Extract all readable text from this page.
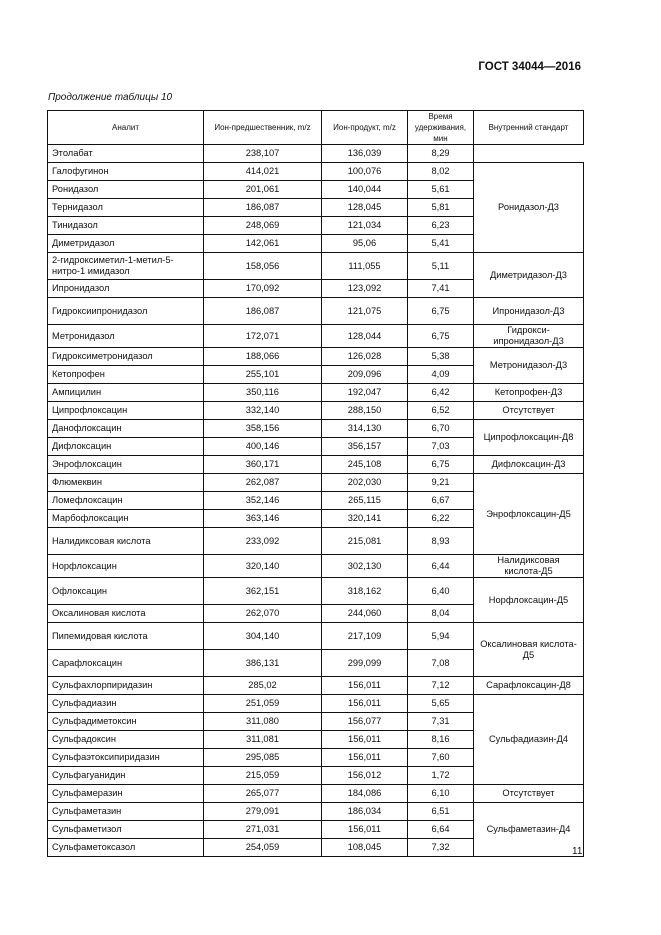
ГОСТ 34044—2016
Продолжение таблицы 10
Аналит	Ион-предшественник, m/z	Ион-продукт, m/z	Время удерживания, мин	Внутренний стандарт
Этолабат	238,107	136,039	8,29	
Галофугинон	414,021	100,076	8,02	Ронидазол-Д3
Ронидазол	201,061	140,044	5,61	
Тернидазол	186,087	128,045	5,81	
Тинидазол	248,069	121,034	6,23	
Диметридазол	142,061	95,06	5,41	
2-гидроксиметил-1-метил-5-нитро-1 имидазол	158,056	111,055	5,11	Диметридазол-Д3
Ипронидазол	170,092	123,092	7,41	
Гидроксиипронидазол	186,087	121,075	6,75	Ипронидазол-Д3
Метронидазол	172,071	128,044	6,75	Гидрокси-ипронидазол-Д3
Гидроксиметронидазол	188,066	126,028	5,38	Метронидазол-Д3
Кетопрофен	255,101	209,096	4,09	
Ампицилин	350,116	192,047	6,42	Кетопрофен-Д3
Ципрофлоксацин	332,140	288,150	6,52	Отсутствует
Данофлоксацин	358,156	314,130	6,70	Ципрофлоксацин-Д8
Дифлоксацин	400,146	356,157	7,03	
Энрофлоксацин	360,171	245,108	6,75	Дифлоксацин-Д3
Флюмеквин	262,087	202,030	9,21	Энрофлоксацин-Д5
Ломефлоксацин	352,146	265,115	6,67	
Марбофлоксацин	363,146	320,141	6,22	
Налидиксовая кислота	233,092	215,081	8,93	
Норфлоксацин	320,140	302,130	6,44	Налидиксовая кислота-Д5
Офлоксацин	362,151	318,162	6,40	Норфлоксацин-Д5
Оксалиновая кислота	262,070	244,060	8,04	
Пипемидовая кислота	304,140	217,109	5,94	Оксалиновая кислота-Д5
Сарафлоксацин	386,131	299,099	7,08	
Сульфахлорпиридазин	285,02	156,011	7,12	Сарафлоксацин-Д8
Сульфадиазин	251,059	156,011	5,65	Сульфадиазин-Д4
Сульфадиметоксин	311,080	156,077	7,31	
Сульфадоксин	311,081	156,011	8,16	
Сульфаэтоксипиридазин	295,085	156,011	7,60	
Сульфагуанидин	215,059	156,012	1,72	
Сульфамеразин	265,077	184,086	6,10	Отсутствует
Сульфаметазин	279,091	186,034	6,51	Сульфаметазин-Д4
Сульфаметизол	271,031	156,011	6,64	
Сульфаметоксазол	254,059	108,045	7,32		11
